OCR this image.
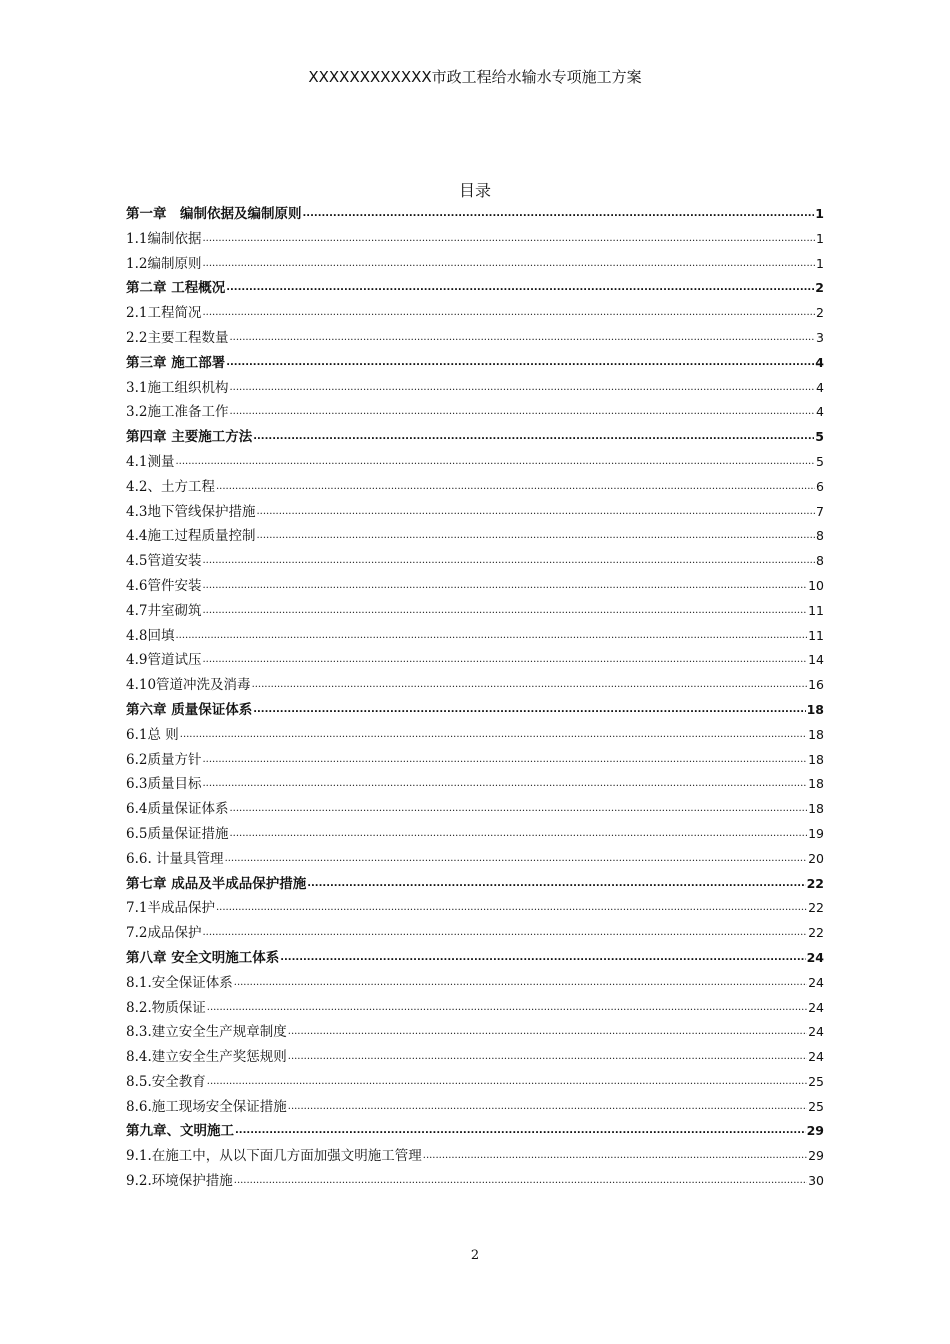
XXXXXXXXXXXX市政工程给水输水专项施工方案
目录
第一章　编制依据及编制原则 .....	1
1.1编制依据 .....	1
1.2编制原则 .....	1
第二章 工程概况 .....	2
2.1工程简况 .....	2
2.2主要工程数量 .....	3
第三章 施工部署 .....	4
3.1施工组织机构 .....	4
3.2施工准备工作 .....	4
第四章 主要施工方法 .....	5
4.1测量 .....	5
4.2、土方工程 .....	6
4.3地下管线保护措施 .....	7
4.4施工过程质量控制 .....	8
4.5管道安装 .....	8
4.6管件安装 .....	10
4.7井室砌筑 .....	11
4.8回填 .....	11
4.9管道试压 .....	14
4.10管道冲洗及消毒 .....	16
第六章 质量保证体系 .....	18
6.1总 则 .....	18
6.2质量方针 .....	18
6.3质量目标 .....	18
6.4质量保证体系 .....	18
6.5质量保证措施 .....	19
6.6. 计量具管理 .....	20
第七章 成品及半成品保护措施 .....	22
7.1半成品保护 .....	22
7.2成品保护 .....	22
第八章 安全文明施工体系 .....	24
8.1.安全保证体系 .....	24
8.2.物质保证 .....	24
8.3.建立安全生产规章制度 .....	24
8.4.建立安全生产奖惩规则 .....	24
8.5.安全教育 .....	25
8.6.施工现场安全保证措施 .....	25
第九章、文明施工 .....	29
9.1.在施工中，从以下面几方面加强文明施工管理 .....	29
9.2.环境保护措施 .....	30
2
